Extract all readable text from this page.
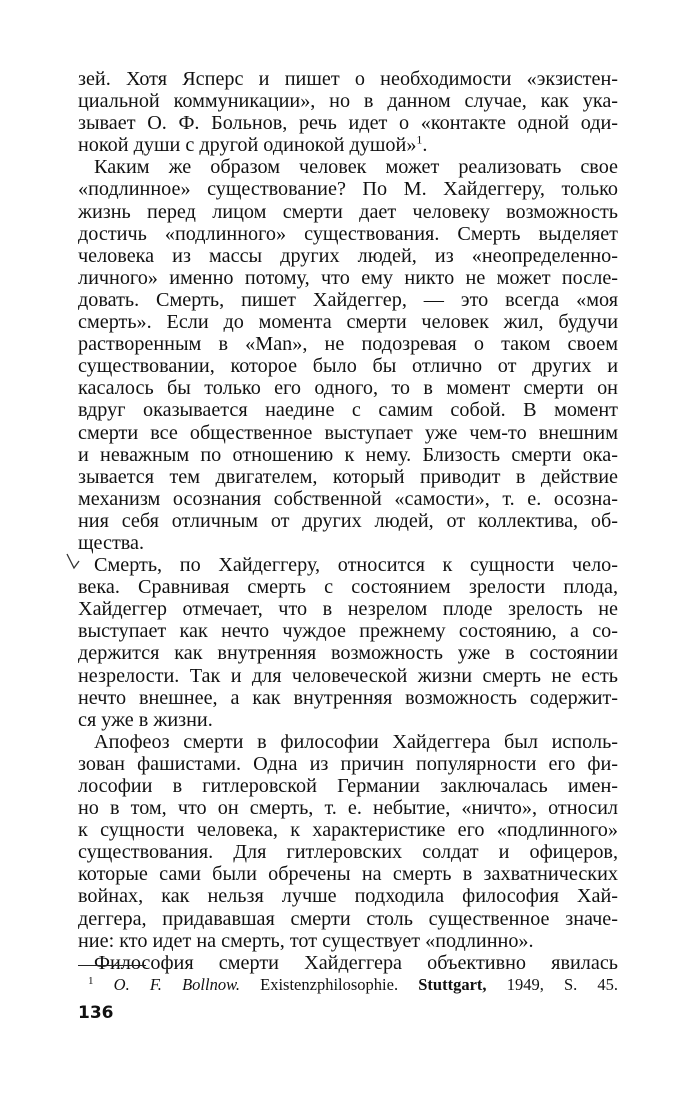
зей. Хотя Ясперс и пишет о необходимости «экзистен-
циальной коммуникации», но в данном случае, как ука-
зывает О. Ф. Больнов, речь идет о «контакте одной оди-
нокой души с другой одинокой душой»$^1$.
Каким же образом человек может реализовать свое
«подлинное» существование? По М. Хайдеггеру, только
жизнь перед лицом смерти дает человеку возможность
достичь «подлинного» существования. Смерть выделяет
человека из массы других людей, из «неопределенно-
личного» именно потому, что ему никто не может после-
довать. Смерть, пишет Хайдеггер, — это всегда «моя
смерть». Если до момента смерти человек жил, будучи
растворенным в «Man», не подозревая о таком своем
существовании, которое было бы отлично от других и
касалось бы только его одного, то в момент смерти он
вдруг оказывается наедине с самим собой. В момент
смерти все общественное выступает уже чем-то внешним
и неважным по отношению к нему. Близость смерти ока-
зывается тем двигателем, который приводит в действие
механизм осознания собственной «самости», т. е. осозна-
ния себя отличным от других людей, от коллектива, об-
щества.
Смерть, по Хайдеггеру, относится к сущности чело-
века. Сравнивая смерть с состоянием зрелости плода,
Хайдеггер отмечает, что в незрелом плоде зрелость не
выступает как нечто чуждое прежнему состоянию, а со-
держится как внутренняя возможность уже в состоянии
незрелости. Так и для человеческой жизни смерть не есть
нечто внешнее, а как внутренняя возможность содержит-
ся уже в жизни.
Апофеоз смерти в философии Хайдеггера был исполь-
зован фашистами. Одна из причин популярности его фи-
лософии в гитлеровской Германии заключалась имен-
но в том, что он смерть, т. е. небытие, «ничто», относил
к сущности человека, к характеристике его «подлинного»
существования. Для гитлеровских солдат и офицеров,
которые сами были обречены на смерть в захватнических
войнах, как нельзя лучше подходила философия Хай-
деггера, придававшая смерти столь существенное значе-
ние: кто идет на смерть, тот существует «подлинно».
Философия смерти Хайдеггера объективно явилась
$^1$ O. F. Bollnow. Existenzphilosophie. Stuttgart, 1949, S. 45.
136
